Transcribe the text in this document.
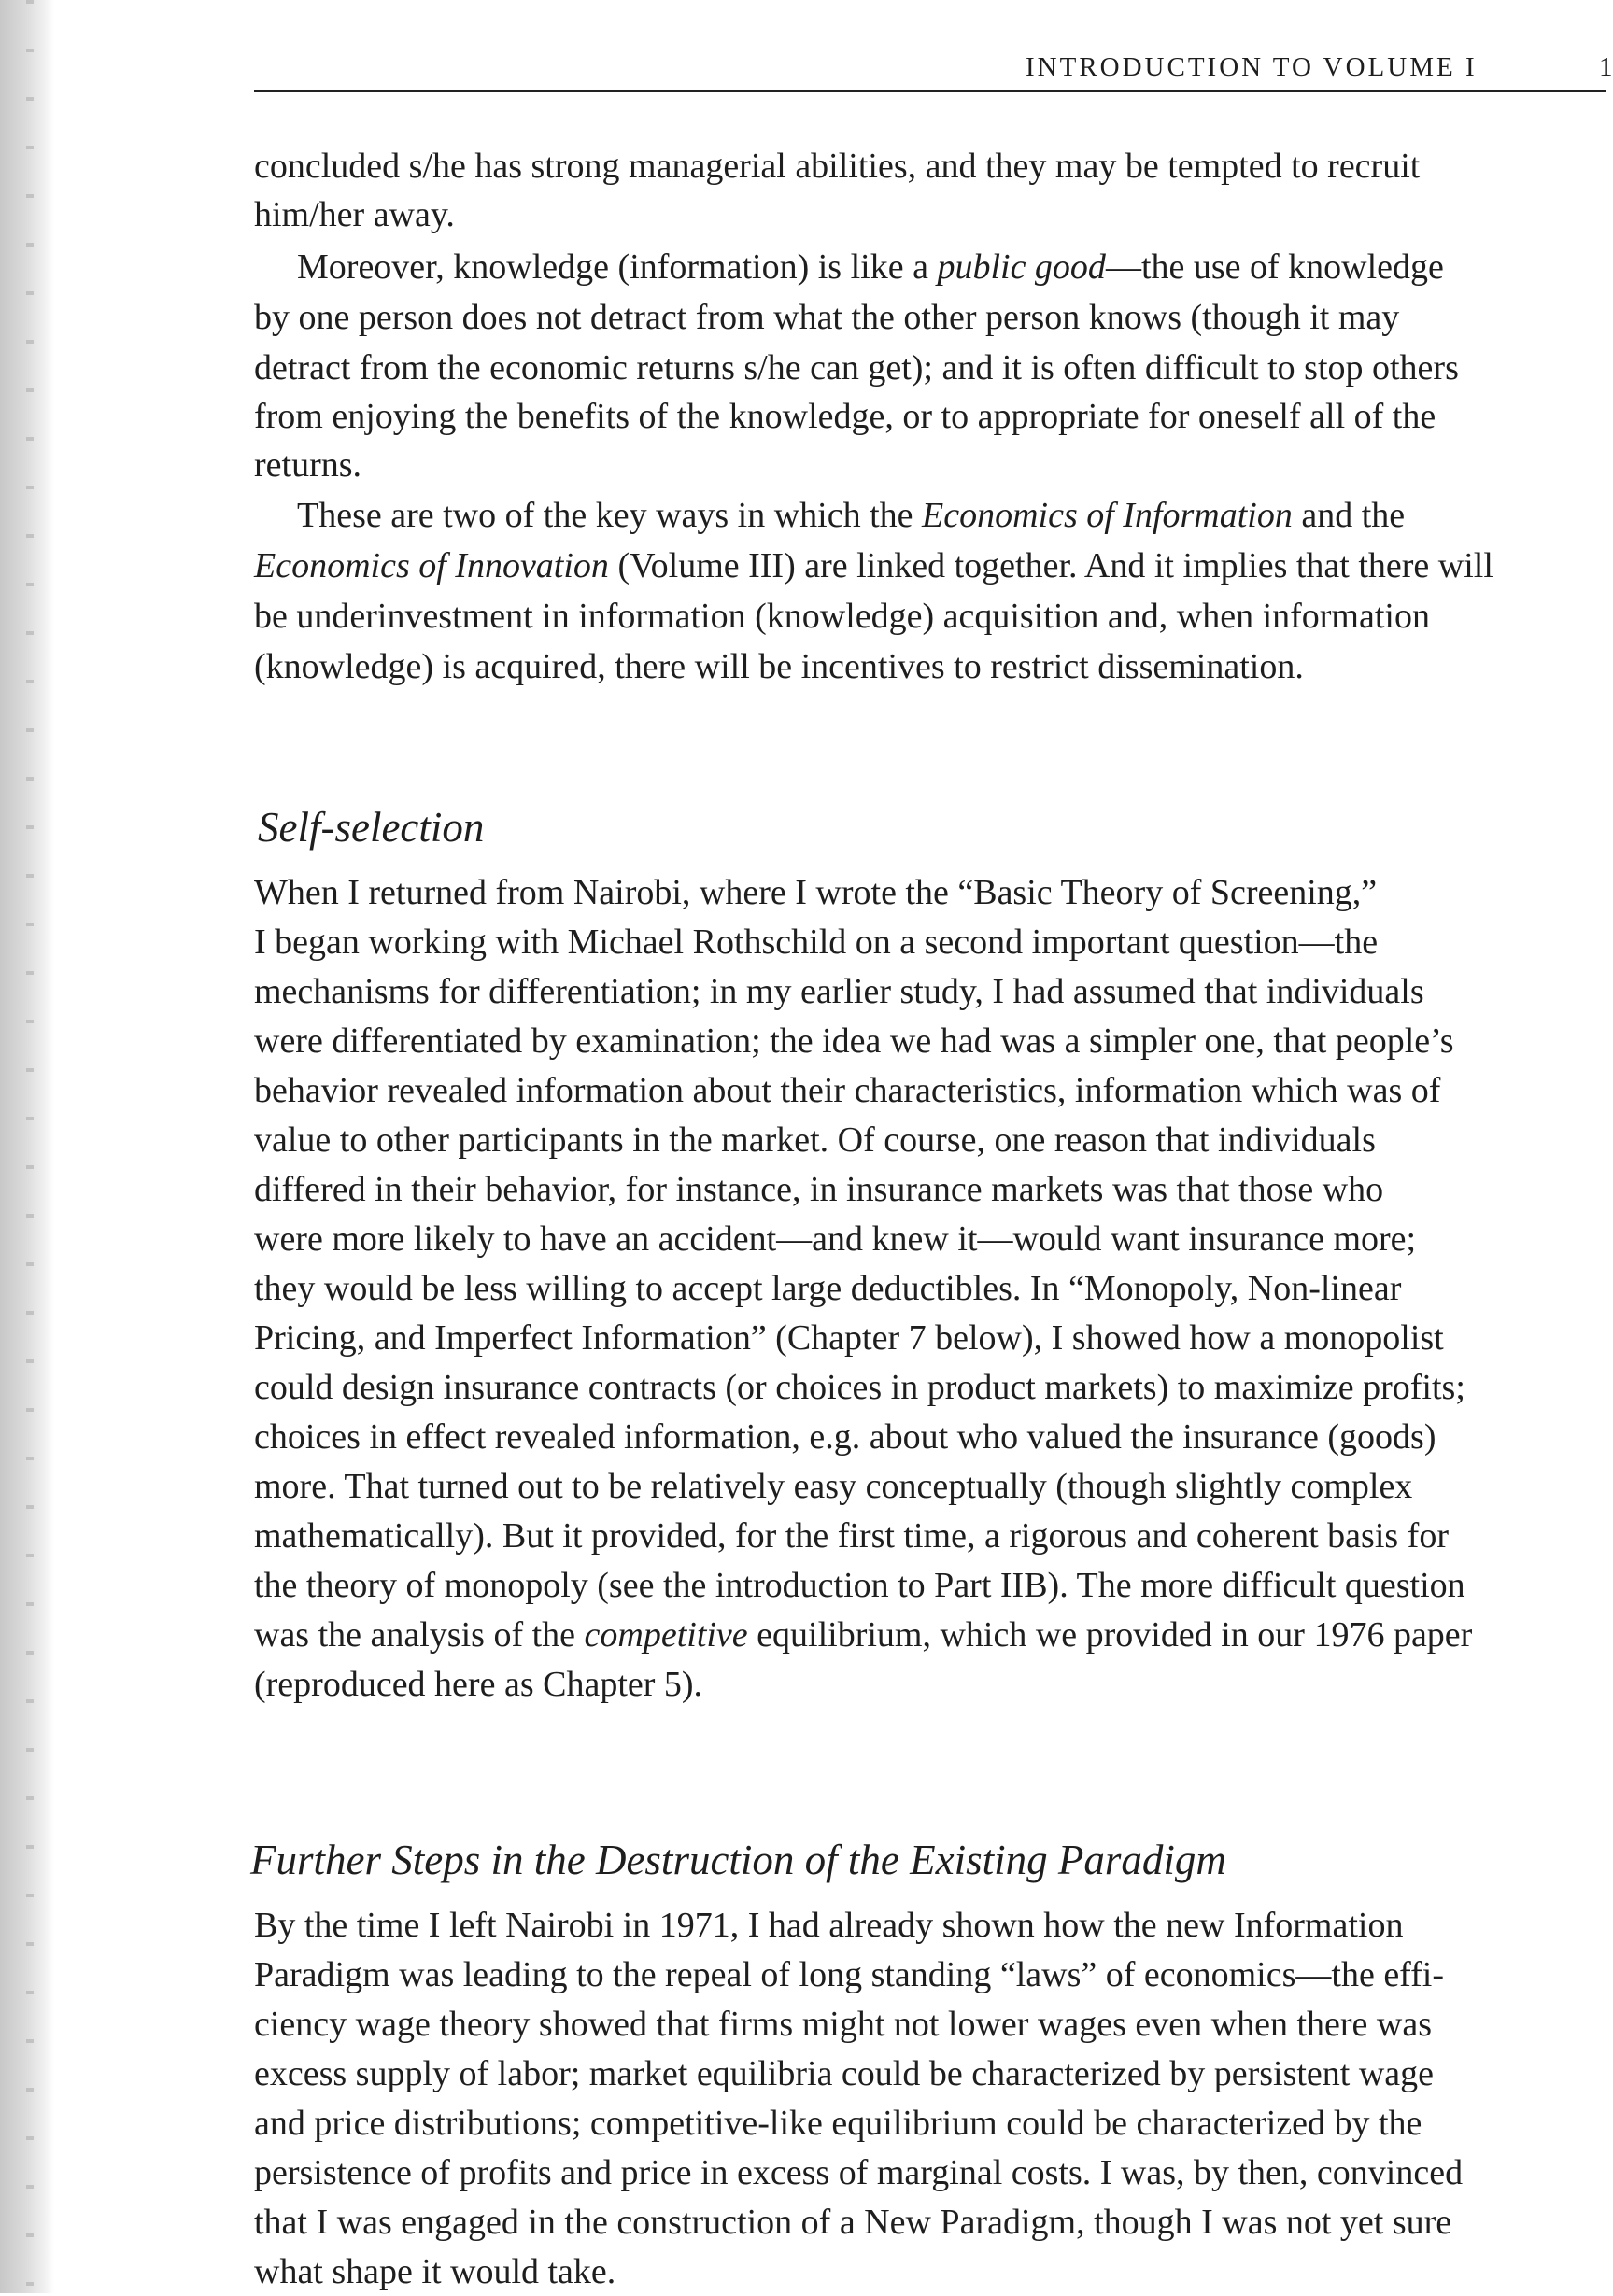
INTRODUCTION TO VOLUME I	1
concluded s/he has strong managerial abilities, and they may be tempted to recruit
him/her away.
Moreover, knowledge (information) is like a public good—the use of knowledge
by one person does not detract from what the other person knows (though it may
detract from the economic returns s/he can get); and it is often difficult to stop others
from enjoying the benefits of the knowledge, or to appropriate for oneself all of the
returns.
These are two of the key ways in which the Economics of Information and the
Economics of Innovation (Volume III) are linked together. And it implies that there will
be underinvestment in information (knowledge) acquisition and, when information
(knowledge) is acquired, there will be incentives to restrict dissemination.
Self-selection
When I returned from Nairobi, where I wrote the “Basic Theory of Screening,”
I began working with Michael Rothschild on a second important question—the
mechanisms for differentiation; in my earlier study, I had assumed that individuals
were differentiated by examination; the idea we had was a simpler one, that people’s
behavior revealed information about their characteristics, information which was of
value to other participants in the market. Of course, one reason that individuals
differed in their behavior, for instance, in insurance markets was that those who
were more likely to have an accident—and knew it—would want insurance more;
they would be less willing to accept large deductibles. In “Monopoly, Non-linear
Pricing, and Imperfect Information” (Chapter 7 below), I showed how a monopolist
could design insurance contracts (or choices in product markets) to maximize profits;
choices in effect revealed information, e.g. about who valued the insurance (goods)
more. That turned out to be relatively easy conceptually (though slightly complex
mathematically). But it provided, for the first time, a rigorous and coherent basis for
the theory of monopoly (see the introduction to Part IIB). The more difficult question
was the analysis of the competitive equilibrium, which we provided in our 1976 paper
(reproduced here as Chapter 5).
Further Steps in the Destruction of the Existing Paradigm
By the time I left Nairobi in 1971, I had already shown how the new Information
Paradigm was leading to the repeal of long standing “laws” of economics—the effi-
ciency wage theory showed that firms might not lower wages even when there was
excess supply of labor; market equilibria could be characterized by persistent wage
and price distributions; competitive-like equilibrium could be characterized by the
persistence of profits and price in excess of marginal costs. I was, by then, convinced
that I was engaged in the construction of a New Paradigm, though I was not yet sure
what shape it would take.
